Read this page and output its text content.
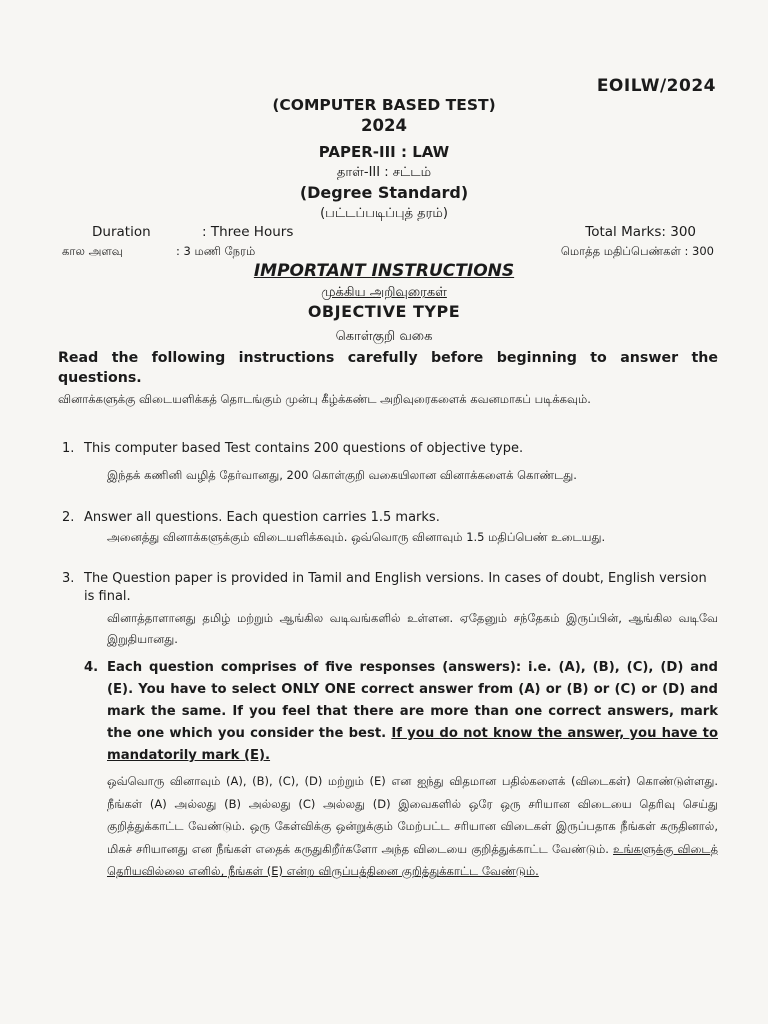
EOILW/2024
(COMPUTER BASED TEST)
2024
PAPER-III : LAW
தாள்-III : சட்டம்
(Degree Standard)
(பட்டப்படிப்புத் தரம்)
Duration	: Three Hours	Total Marks: 300
கால அளவு	: 3 மணி நேரம்	மொத்த மதிப்பெண்கள் : 300
IMPORTANT INSTRUCTIONS
முக்கிய அறிவுரைகள்
OBJECTIVE TYPE
கொள்குறி வகை
Read the following instructions carefully before beginning to answer the questions.
வினாக்களுக்கு விடையளிக்கத் தொடங்கும் முன்பு கீழ்க்கண்ட அறிவுரைகளைக் கவனமாகப் படிக்கவும்.
1. This computer based Test contains 200 questions of objective type.
இந்தக் கணினி வழித் தேர்வானது, 200 கொள்குறி வகையிலான வினாக்களைக் கொண்டது.
2. Answer all questions. Each question carries 1.5 marks.
அனைத்து வினாக்களுக்கும் விடையளிக்கவும். ஒவ்வொரு வினாவும் 1.5 மதிப்பெண் உடையது.
3. The Question paper is provided in Tamil and English versions. In cases of doubt, English version is final.
வினாத்தாளானது தமிழ் மற்றும் ஆங்கில வடிவங்களில் உள்ளன. ஏதேனும் சந்தேகம் இருப்பின், ஆங்கில வடிவே இறுதியானது.
4. Each question comprises of five responses (answers): i.e. (A), (B), (C), (D) and (E). You have to select ONLY ONE correct answer from (A) or (B) or (C) or (D) and mark the same. If you feel that there are more than one correct answers, mark the one which you consider the best. If you do not know the answer, you have to mandatorily mark (E).
ஒவ்வொரு வினாவும் (A), (B), (C), (D) மற்றும் (E) என ஐந்து விதமான பதில்களைக் (விடைகள்) கொண்டுள்ளது. நீங்கள் (A) அல்லது (B) அல்லது (C) அல்லது (D) இவைகளில் ஒரே ஒரு சரியான விடையை தெரிவு செய்து குறித்துக்காட்ட வேண்டும். ஒரு கேள்விக்கு ஒன்றுக்கும் மேற்பட்ட சரியான விடைகள் இருப்பதாக நீங்கள் கருதினால், மிகச் சரியானது என நீங்கள் எதைக் கருதுகிறீர்களோ அந்த விடையை குறித்துக்காட்ட வேண்டும். உங்களுக்கு விடைத் தெரியவில்லை எனில், நீங்கள் (E) என்ற விருப்பத்தினை குறித்துக்காட்ட வேண்டும்.
